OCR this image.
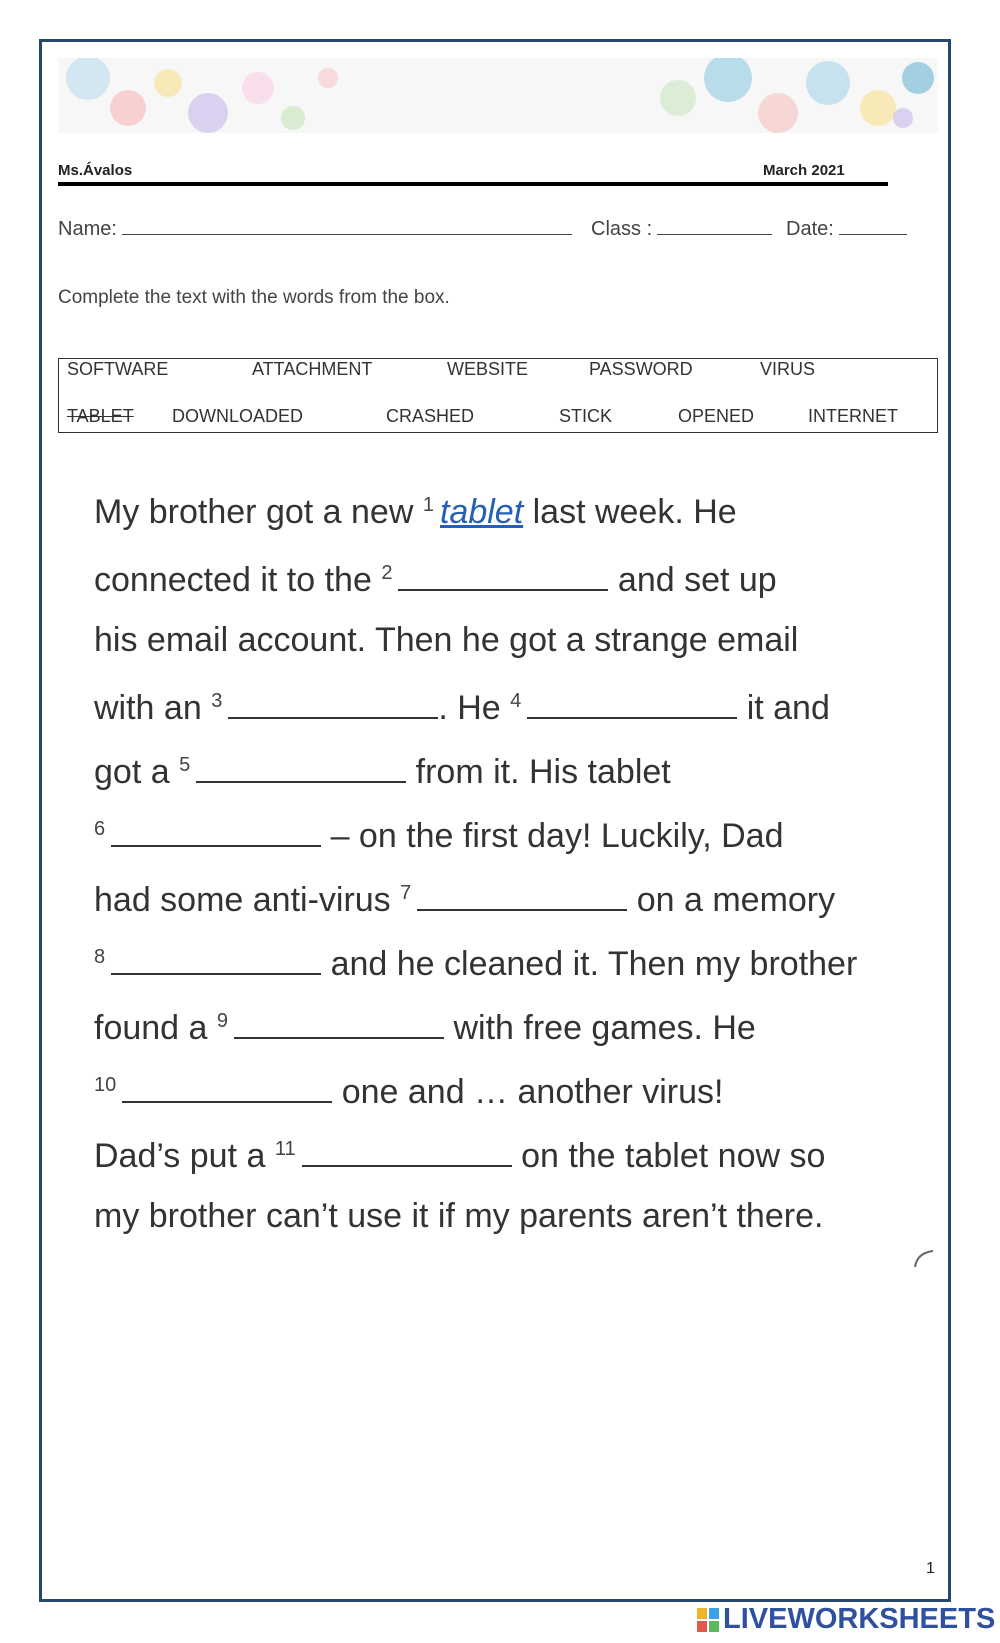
Ms.Ávalos	March 2021
Name:	Class :	Date:
Complete the text with the words from the box.
SOFTWARE	ATTACHMENT	WEBSITE	PASSWORD	VIRUS
TABLET DOWNLOADED	CRASHED	STICK	OPENED	INTERNET
My brother got a new $^1$ tablet last week. He
connected it to the $^2$	and set up
his email account. Then he got a strange email
with an $^3$	. He $^4$	it and
got a $^5$	from it. His tablet
$^6$	– on the first day! Luckily, Dad
had some anti-virus $^7$	on a memory
$^8$	and he cleaned it. Then my brother
found a $^9$	with free games. He
$^{10}$	one and … another virus!
Dad’s put a $^{11}$	on the tablet now so
my brother can’t use it if my parents aren’t there.
1
LIVEWORKSHEETS
